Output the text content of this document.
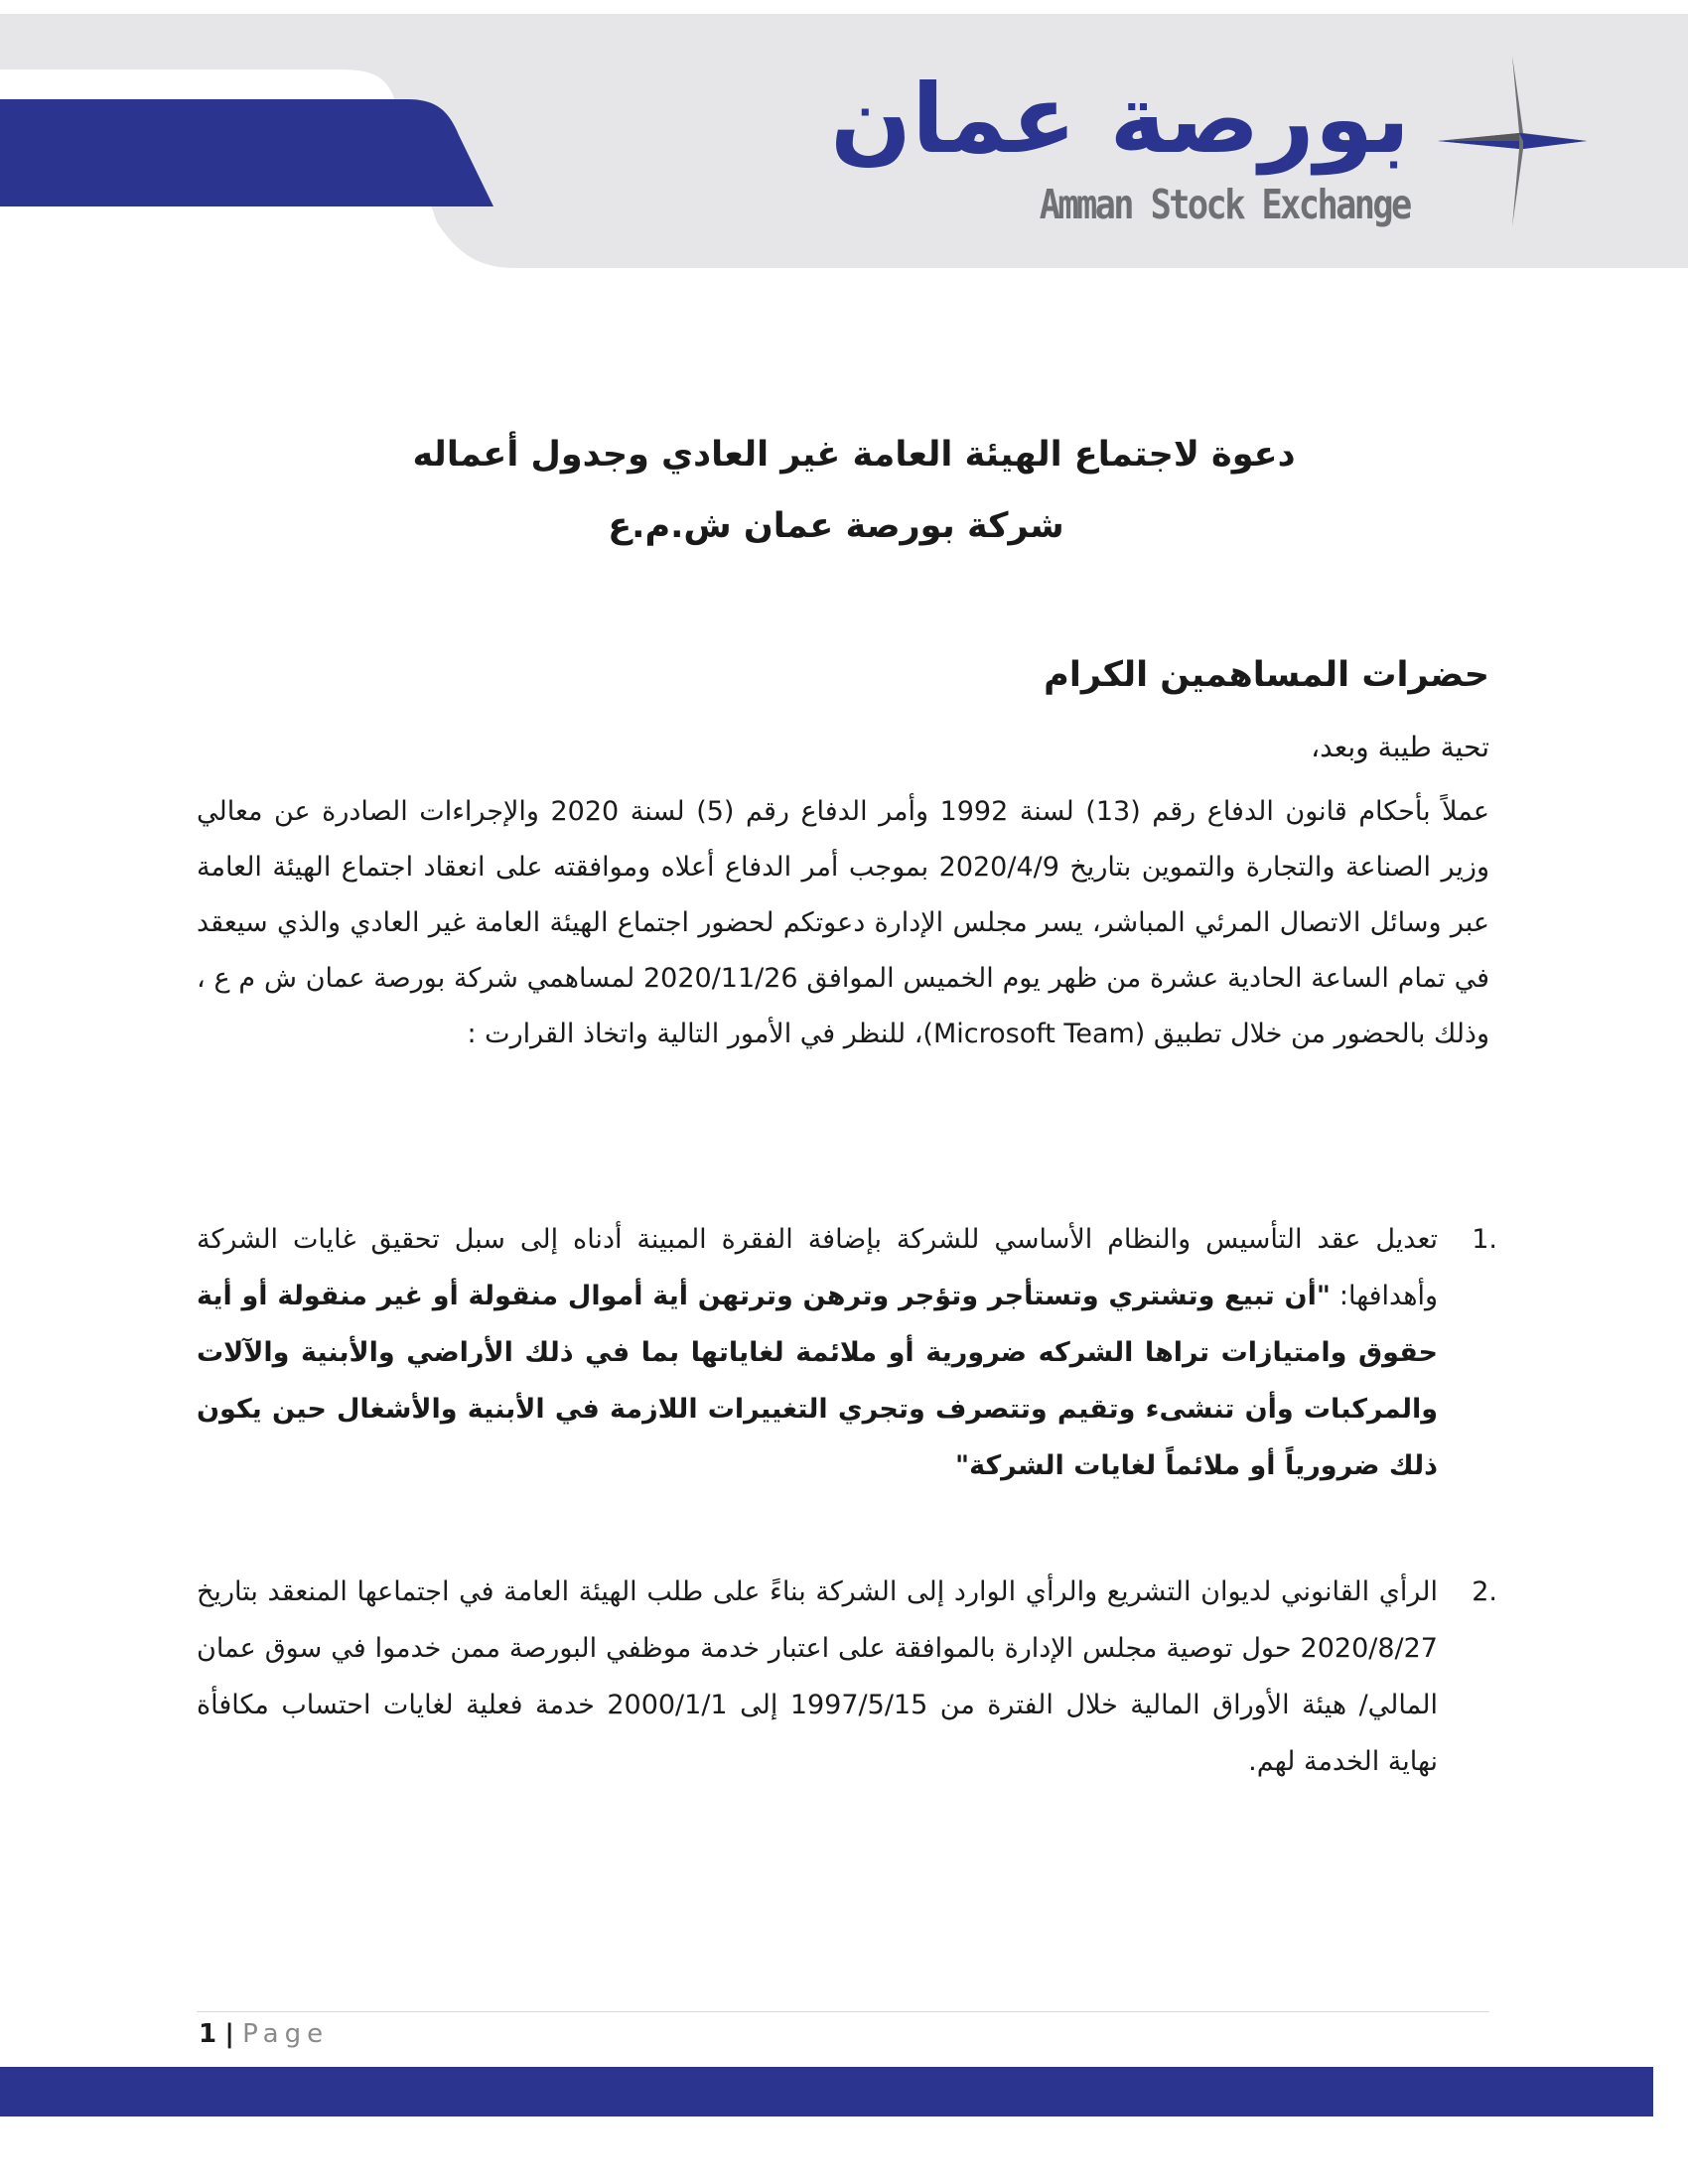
بورصة عمان
Amman Stock Exchange
دعوة لاجتماع الهيئة العامة غير العادي وجدول أعماله
شركة بورصة عمان ش.م.ع
حضرات المساهمين الكرام
تحية طيبة وبعد،
عملاً بأحكام قانون الدفاع رقم (13) لسنة 1992 وأمر الدفاع رقم (5) لسنة 2020 والإجراءات الصادرة عن معالي وزير الصناعة والتجارة والتموين بتاريخ 2020/4/9 بموجب أمر الدفاع أعلاه وموافقته على انعقاد اجتماع الهيئة العامة عبر وسائل الاتصال المرئي المباشر، يسر مجلس الإدارة دعوتكم لحضور اجتماع الهيئة العامة غير العادي والذي سيعقد في تمام الساعة الحادية عشرة من ظهر يوم الخميس الموافق 2020/11/26 لمساهمي شركة بورصة عمان ش م ع ، وذلك بالحضور من خلال تطبيق (Microsoft Team)، للنظر في الأمور التالية واتخاذ القرارت :
1.
تعديل عقد التأسيس والنظام الأساسي للشركة بإضافة الفقرة المبينة أدناه إلى سبل تحقيق غايات الشركة وأهدافها: "أن تبيع وتشتري وتستأجر وتؤجر وترهن وترتهن أية أموال منقولة أو غير منقولة أو أية حقوق وامتيازات تراها الشركه ضرورية أو ملائمة لغاياتها بما في ذلك الأراضي والأبنية والآلات والمركبات وأن تنشىء وتقيم وتتصرف وتجري التغييرات اللازمة في الأبنية والأشغال حين يكون ذلك ضرورياً أو ملائماً لغايات الشركة"
2.
الرأي القانوني لديوان التشريع والرأي الوارد إلى الشركة بناءً على طلب الهيئة العامة في اجتماعها المنعقد بتاريخ 2020/8/27 حول توصية مجلس الإدارة بالموافقة على اعتبار خدمة موظفي البورصة ممن خدموا في سوق عمان المالي/ هيئة الأوراق المالية خلال الفترة من 1997/5/15 إلى 2000/1/1 خدمة فعلية لغايات احتساب مكافأة نهاية الخدمة لهم.
1 | Page
